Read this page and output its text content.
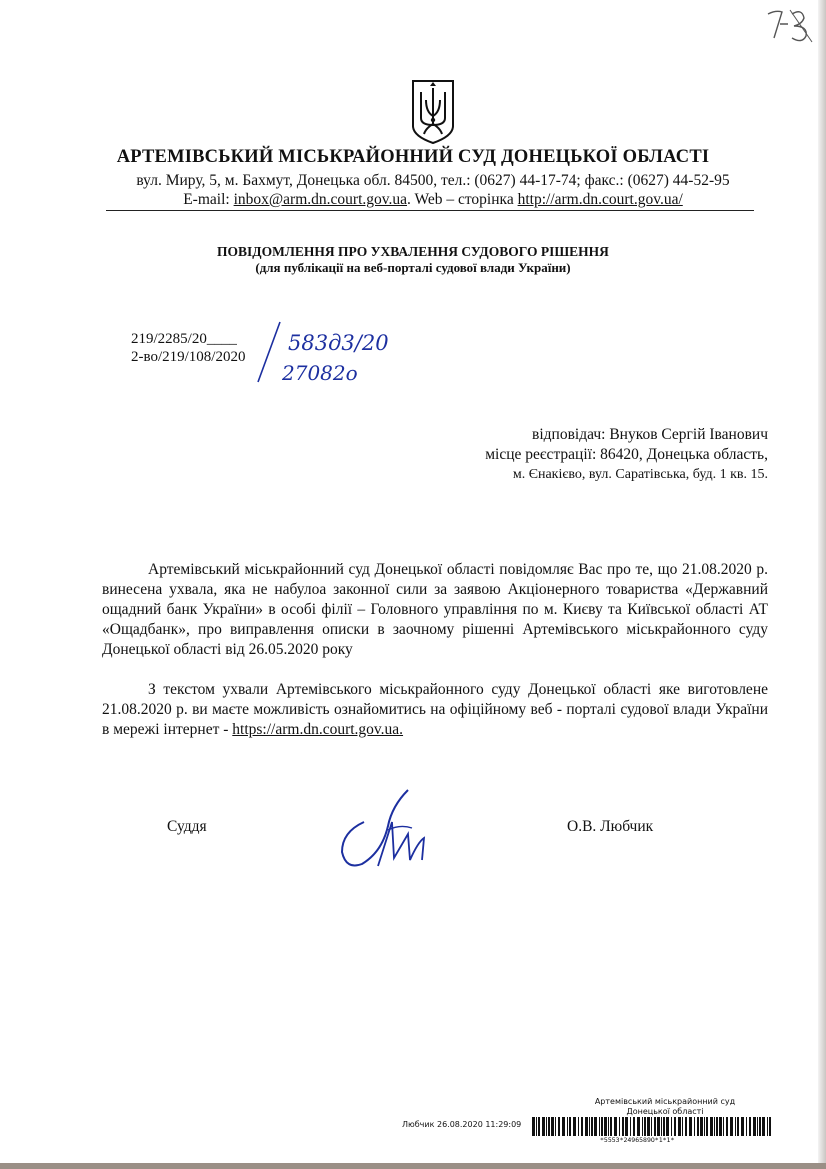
АРТЕМІВСЬКИЙ МІСЬКРАЙОННИЙ СУД ДОНЕЦЬКОЇ ОБЛАСТІ
вул. Миру, 5, м. Бахмут, Донецька обл. 84500, тел.: (0627) 44-17-74; факс.: (0627) 44-52-95
E-mail: inbox@arm.dn.court.gov.ua. Web – сторінка http://arm.dn.court.gov.ua/
ПОВІДОМЛЕННЯ ПРО УХВАЛЕННЯ СУДОВОГО РІШЕННЯ
(для публікації на веб-порталі судової влади України)
219/2285/20____
2-во/219/108/2020
583д3/20
27082о
відповідач: Внуков Сергій Іванович
місце реєстрації: 86420, Донецька область,
м. Єнакієво, вул. Саратівська, буд. 1 кв. 15.

Артемівський міськрайонний суд Донецької області повідомляє Вас про те, що 21.08.2020 р. винесена ухвала, яка не набулоа законної сили за заявою Акціонерного товариства «Державний ощадний банк України» в особі філії – Головного управління по м. Києву та Київської області АТ «Ощадбанк», про виправлення описки в заочному рішенні Артемівського міськрайонного суду Донецької області від 26.05.2020 року

З текстом ухвали Артемівського міськрайонного суду Донецької області яке виготовлене 21.08.2020 р. ви маєте можливість ознайомитись на офіційному веб - порталі судової влади України в мережі інтернет - https://arm.dn.court.gov.ua.

Суддя	О.В. Любчик
Артемівський міськрайонний суд
Донецької області
Любчик 26.08.2020 11:29:09
*5553*2496589О*1*1*
